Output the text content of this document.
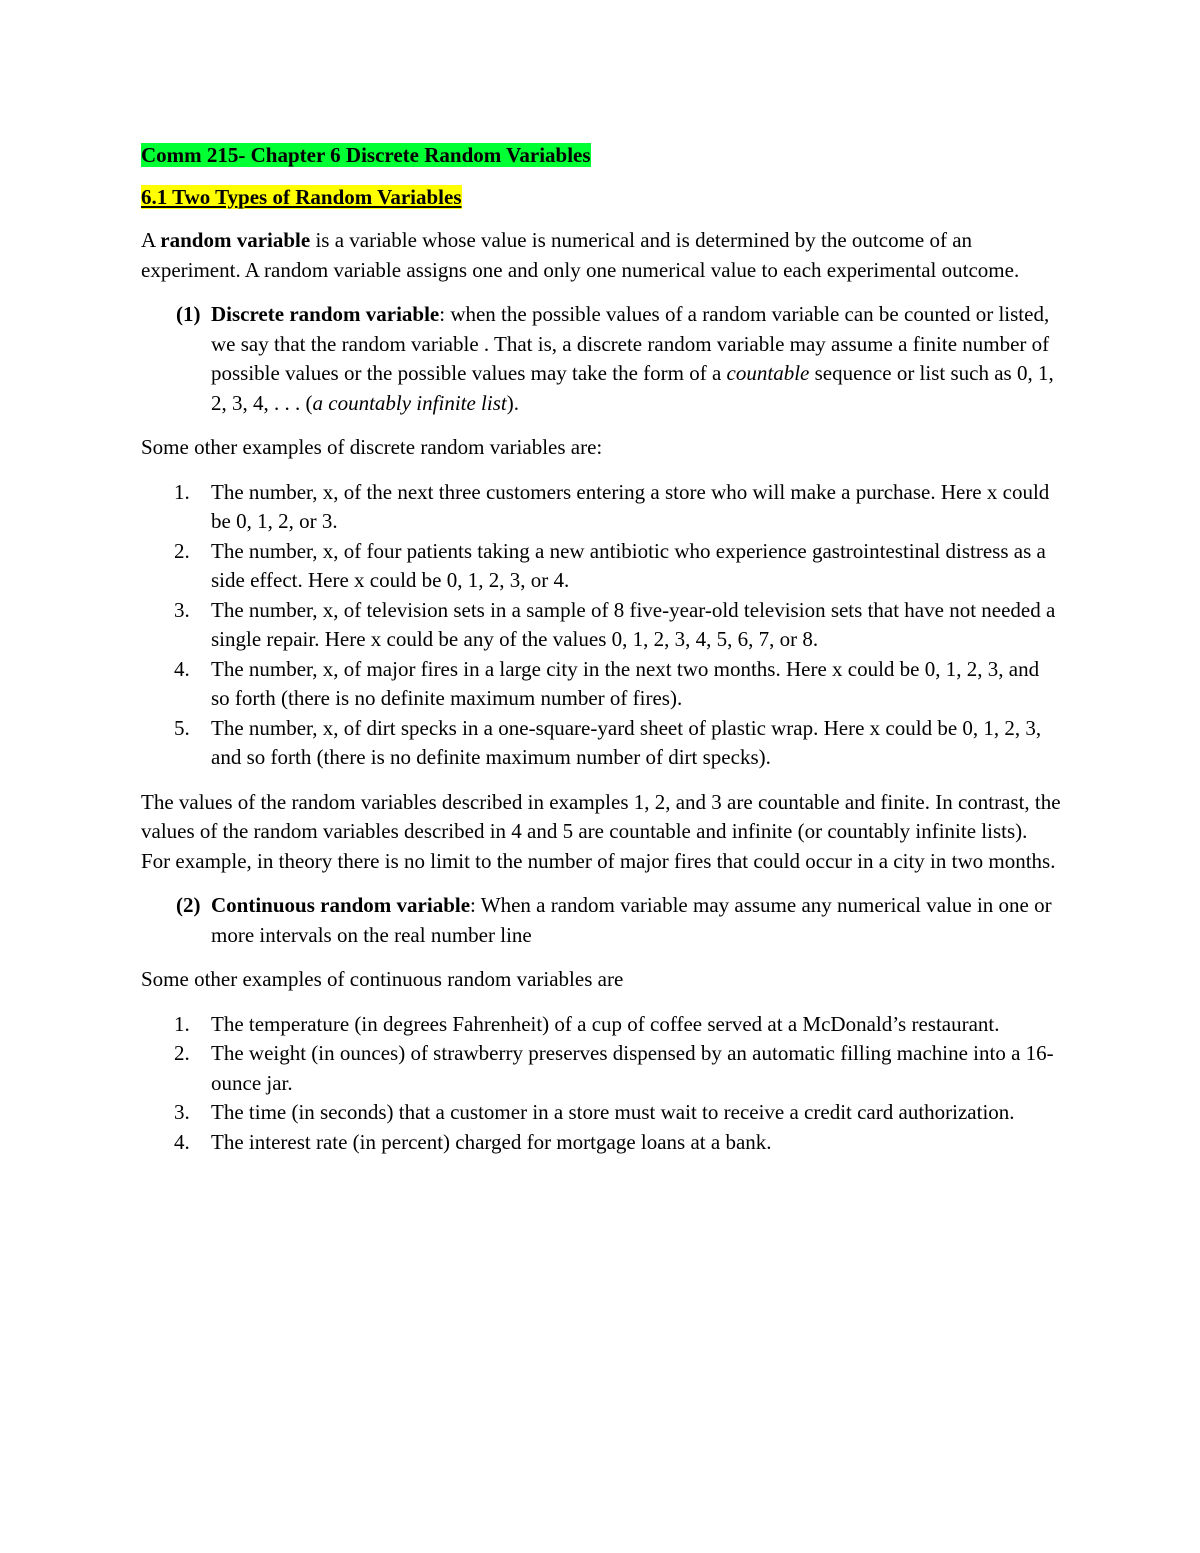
Comm 215- Chapter 6 Discrete Random Variables
6.1 Two Types of Random Variables

A random variable is a variable whose value is numerical and is determined by the outcome of an experiment. A random variable assigns one and only one numerical value to each experimental outcome.

(1) Discrete random variable: when the possible values of a random variable can be counted or listed, we say that the random variable . That is, a discrete random variable may assume a finite number of possible values or the possible values may take the form of a countable sequence or list such as 0, 1, 2, 3, 4, . . . (a countably infinite list).

Some other examples of discrete random variables are:

1. The number, x, of the next three customers entering a store who will make a purchase. Here x could be 0, 1, 2, or 3.
2. The number, x, of four patients taking a new antibiotic who experience gastrointestinal distress as a side effect. Here x could be 0, 1, 2, 3, or 4.
3. The number, x, of television sets in a sample of 8 five-year-old television sets that have not needed a single repair. Here x could be any of the values 0, 1, 2, 3, 4, 5, 6, 7, or 8.
4. The number, x, of major fires in a large city in the next two months. Here x could be 0, 1, 2, 3, and so forth (there is no definite maximum number of fires).
5. The number, x, of dirt specks in a one-square-yard sheet of plastic wrap. Here x could be 0, 1, 2, 3, and so forth (there is no definite maximum number of dirt specks).

The values of the random variables described in examples 1, 2, and 3 are countable and finite. In contrast, the values of the random variables described in 4 and 5 are countable and infinite (or countably infinite lists). For example, in theory there is no limit to the number of major fires that could occur in a city in two months.

(2) Continuous random variable: When a random variable may assume any numerical value in one or more intervals on the real number line

Some other examples of continuous random variables are

1. The temperature (in degrees Fahrenheit) of a cup of coffee served at a McDonald’s restaurant.
2. The weight (in ounces) of strawberry preserves dispensed by an automatic filling machine into a 16-ounce jar.
3. The time (in seconds) that a customer in a store must wait to receive a credit card authorization.
4. The interest rate (in percent) charged for mortgage loans at a bank.
